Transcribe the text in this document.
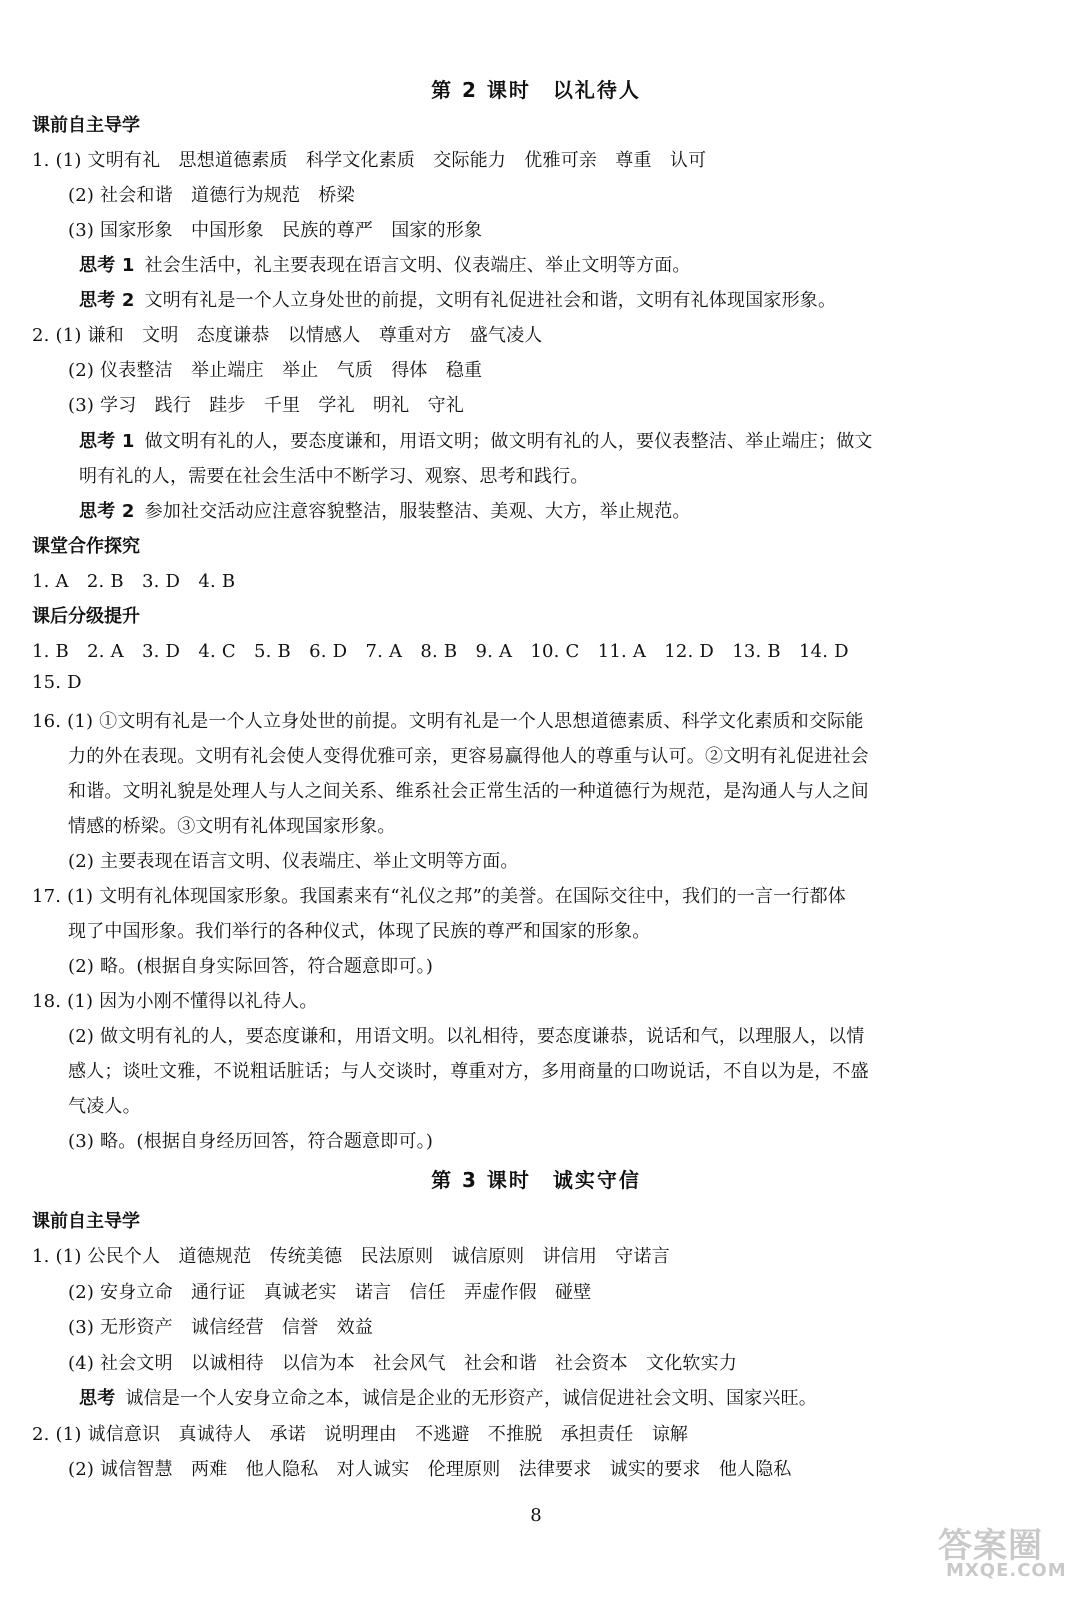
第 2 课时　以礼待人
课前自主导学
1. (1) 文明有礼　思想道德素质　科学文化素质　交际能力　优雅可亲　尊重　认可
(2) 社会和谐　道德行为规范　桥梁
(3) 国家形象　中国形象　民族的尊严　国家的形象
思考 1 社会生活中，礼主要表现在语言文明、仪表端庄、举止文明等方面。
思考 2 文明有礼是一个人立身处世的前提，文明有礼促进社会和谐，文明有礼体现国家形象。
2. (1) 谦和　文明　态度谦恭　以情感人　尊重对方　盛气凌人
(2) 仪表整洁　举止端庄　举止　气质　得体　稳重
(3) 学习　践行　跬步　千里　学礼　明礼　守礼
思考 1 做文明有礼的人，要态度谦和，用语文明；做文明有礼的人，要仪表整洁、举止端庄；做文
明有礼的人，需要在社会生活中不断学习、观察、思考和践行。
思考 2 参加社交活动应注意容貌整洁，服装整洁、美观、大方，举止规范。
课堂合作探究
1. A　2. B　3. D　4. B
课后分级提升
1. B　2. A　3. D　4. C　5. B　6. D　7. A　8. B　9. A　10. C　11. A　12. D　13. B　14. D
15. D
16. (1) ①文明有礼是一个人立身处世的前提。文明有礼是一个人思想道德素质、科学文化素质和交际能
力的外在表现。文明有礼会使人变得优雅可亲，更容易赢得他人的尊重与认可。②文明有礼促进社会
和谐。文明礼貌是处理人与人之间关系、维系社会正常生活的一种道德行为规范，是沟通人与人之间
情感的桥梁。③文明有礼体现国家形象。
(2) 主要表现在语言文明、仪表端庄、举止文明等方面。
17. (1) 文明有礼体现国家形象。我国素来有“礼仪之邦”的美誉。在国际交往中，我们的一言一行都体
现了中国形象。我们举行的各种仪式，体现了民族的尊严和国家的形象。
(2) 略。(根据自身实际回答，符合题意即可。)
18. (1) 因为小刚不懂得以礼待人。
(2) 做文明有礼的人，要态度谦和，用语文明。以礼相待，要态度谦恭，说话和气，以理服人，以情
感人；谈吐文雅，不说粗话脏话；与人交谈时，尊重对方，多用商量的口吻说话，不自以为是，不盛
气凌人。
(3) 略。(根据自身经历回答，符合题意即可。)
第 3 课时　诚实守信
课前自主导学
1. (1) 公民个人　道德规范　传统美德　民法原则　诚信原则　讲信用　守诺言
(2) 安身立命　通行证　真诚老实　诺言　信任　弄虚作假　碰壁
(3) 无形资产　诚信经营　信誉　效益
(4) 社会文明　以诚相待　以信为本　社会风气　社会和谐　社会资本　文化软实力
思考 诚信是一个人安身立命之本，诚信是企业的无形资产，诚信促进社会文明、国家兴旺。
2. (1) 诚信意识　真诚待人　承诺　说明理由　不逃避　不推脱　承担责任　谅解
(2) 诚信智慧　两难　他人隐私　对人诚实　伦理原则　法律要求　诚实的要求　他人隐私
8
答案圈
MXQE.COM
